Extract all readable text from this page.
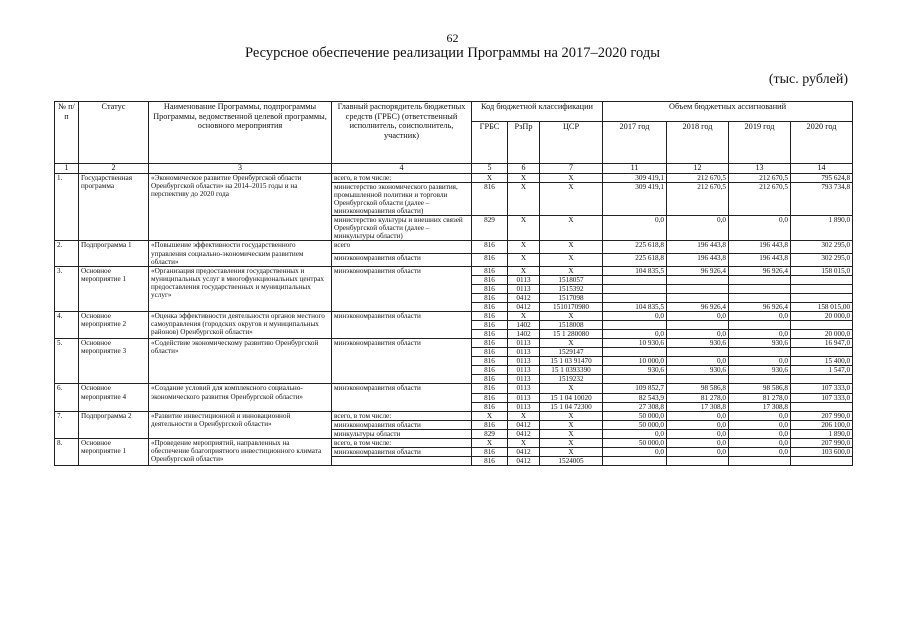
62
Ресурсное обеспечение реализации Программы на 2017–2020 годы
(тыс. рублей)
№ п/п	Статус	Наименование Программы, подпрограммы Программы, ведомственной целевой программы, основного мероприятия	Главный распорядитель бюджетных средств (ГРБС) (ответственный исполнитель, соисполнитель, участник)	Код бюджетной классификации			Объем бюджетных ассигнований			
				ГРБС	РзПр	ЦСР	2017 год	2018 год	2019 год	2020 год
1	2	3	4	5	6	7	11	12	13	14
1.	Государственная программа	«Экономическое развитие Оренбургской области Оренбургской области» на 2014–2015 годы и на перспективу до 2020 года	всего, в том числе:	Х	Х	Х	309 419,1	212 670,5	212 670,5	795 624,8
			министерство экономического развития, промышленной политики и торговли Оренбургской области (далее – минэкономразвития области)	816	Х	Х	309 419,1	212 670,5	212 670,5	793 734,8
			министерство культуры и внешних связей Оренбургской области (далее – минкультуры области)	829	Х	Х	0,0	0,0	0,0	1 890,0
2.	Подпрограмма 1	«Повышение эффективности государственного управления социально-экономическим развитием области»	всего	816	Х	Х	225 618,8	196 443,8	196 443,8	302 295,0
			минэкономразвития области	816	Х	Х	225 618,8	196 443,8	196 443,8	302 295,0
3.	Основное мероприятие 1	«Организация предоставления государственных и муниципальных услуг в многофункциональных центрах предоставления государственных и муниципальных услуг»	минэкономразвития области	816	Х	Х	104 835,5	96 926,4	96 926,4	158 015,0
				816	0113	1518057				
				816	0113	1515392				
				816	0412	1517098				
				816	0412	1510170980	104 835,5	96 926,4	96 926,4	158 015,00
4.	Основное мероприятие 2	«Оценка эффективности деятельности органов местного самоуправления (городских округов и муниципальных районов) Оренбургской области»	минэкономразвития области	816	Х	Х	0,0	0,0	0,0	20 000,0
				816	1402	1518008				
				816	1402	15 1 280080	0,0	0,0	0,0	20 000,0
5.	Основное мероприятие 3	«Содействие экономическому развитию Оренбургской области»	минэкономразвития области	816	0113	Х	10 930,6	930,6	930,6	16 947,0
				816	0113	1529147				
				816	0113	15 1 03 91470	10 000,0	0,0	0,0	15 400,0
				816	0113	15 1 0393390	930,6	930,6	930,6	1 547,0
				816	0113	1519232				
6.	Основное мероприятие 4	«Создание условий для комплексного социально-экономического развития Оренбургской области»	минэкономразвития области	816	0113	Х	109 852,7	98 586,8	98 586,8	107 333,0
				816	0113	15 1 04 10020	82 543,9	81 278,0	81 278,0	107 333,0
				816	0113	15 1 04 72300	27 308,8	17 308,8	17 308,8	
7.	Подпрограмма 2	«Развитие инвестиционной и инновационной деятельности в Оренбургской области»	всего, в том числе:	Х	Х	Х	50 000,0	0,0	0,0	207 990,0
			минэкономразвития области	816	0412	Х	50 000,0	0,0	0,0	206 100,0
			минкультуры области	829	0412	Х	0,0	0,0	0,0	1 890,0
8.	Основное мероприятие 1	«Проведение мероприятий, направленных на обеспечение благоприятного инвестиционного климата Оренбургской области»	всего, в том числе:	Х	Х	Х	50 000,0	0,0	0,0	207 990,0
			минэкономразвития области	816	0412	Х	0,0	0,0	0,0	103 600,0
				816	0412	1524005				
